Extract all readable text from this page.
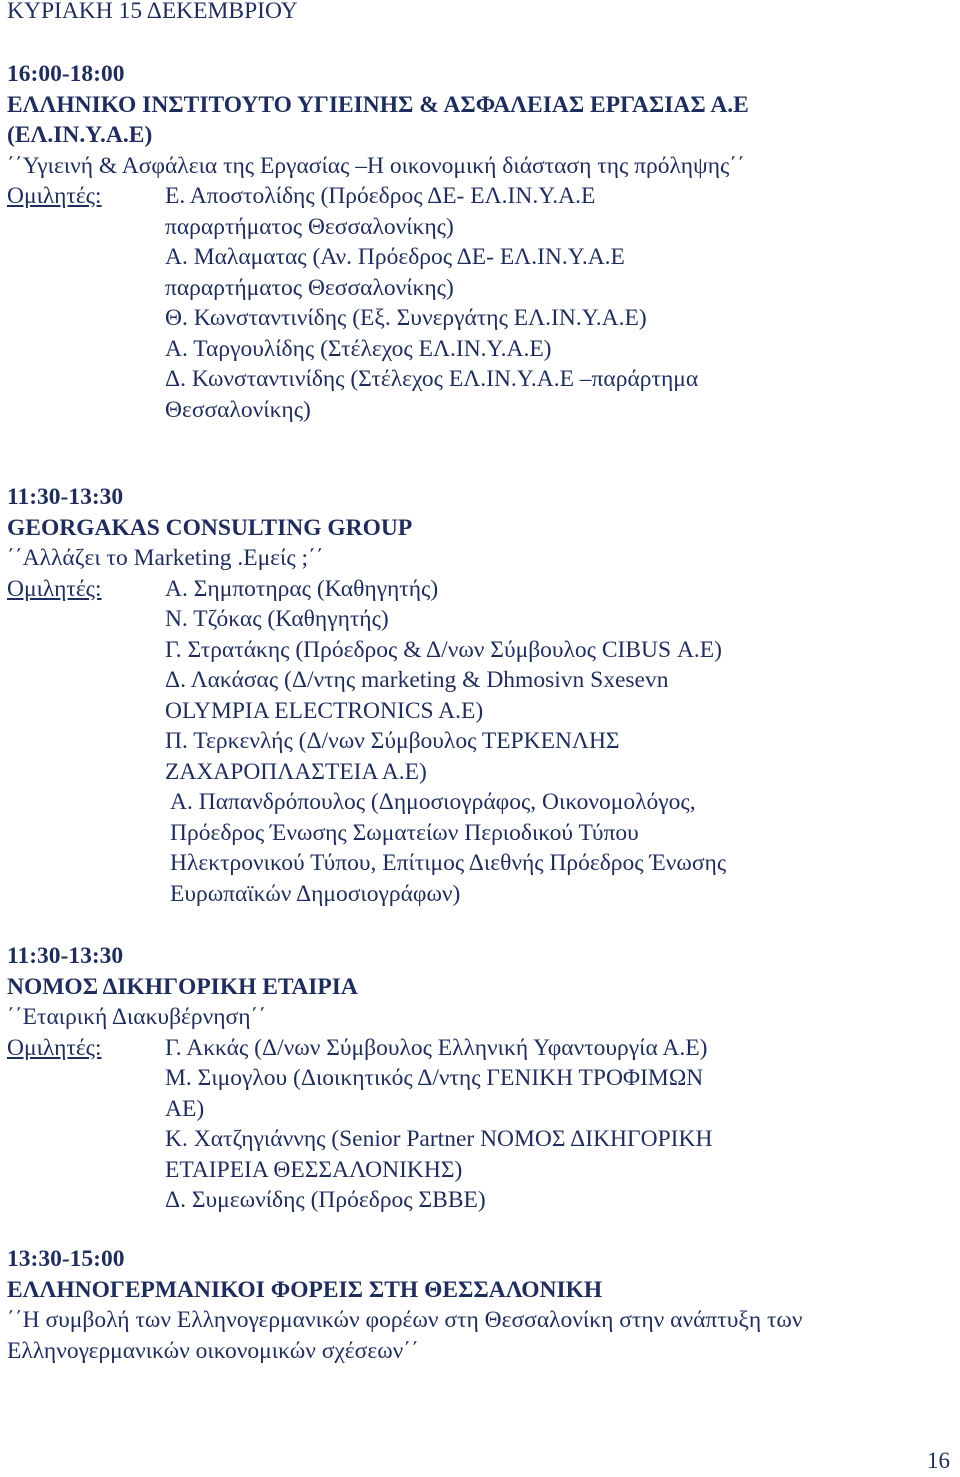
ΚΥΡΙΑΚΗ 15 ΔΕΚΕΜΒΡΙΟΥ
16:00-18:00
ΕΛΛΗΝΙΚΟ ΙΝΣΤΙΤΟΥΤΟ ΥΓΙΕΙΝΗΣ & ΑΣΦΑΛΕΙΑΣ ΕΡΓΑΣΙΑΣ Α.Ε
(ΕΛ.ΙΝ.Υ.Α.Ε)
΄΄Υγιεινή & Ασφάλεια της Εργασίας –Η οικονομική διάσταση της πρόληψης΄΄
Ομιλητές:	Ε. Αποστολίδης (Πρόεδρος ΔΕ- ΕΛ.ΙΝ.Υ.Α.Ε
παραρτήματος Θεσσαλονίκης)
Α. Μαλαματας (Αν. Πρόεδρος ΔΕ- ΕΛ.ΙΝ.Υ.Α.Ε
παραρτήματος Θεσσαλονίκης)
Θ. Κωνσταντινίδης (Εξ. Συνεργάτης ΕΛ.ΙΝ.Υ.Α.Ε)
Α. Ταργουλίδης (Στέλεχος ΕΛ.ΙΝ.Υ.Α.Ε)
Δ. Κωνσταντινίδης (Στέλεχος ΕΛ.ΙΝ.Υ.Α.Ε –παράρτημα
Θεσσαλονίκης)
11:30-13:30
GEORGAKAS CONSULTING GROUP
΄΄Αλλάζει το Marketing .Εμείς ;΄΄
Ομιλητές:	Α. Σημποτηρας (Καθηγητής)
Ν. Τζόκας (Καθηγητής)
Γ. Στρατάκης (Πρόεδρος & Δ/νων Σύμβουλος CIBUS Α.Ε)
Δ. Λακάσας (Δ/ντης marketing & Dhmosivn Sxesevn
OLYMPIA ELECTRONICS A.E)
Π. Τερκενλής (Δ/νων Σύμβουλος ΤΕΡΚΕΝΛΗΣ
ΖΑΧΑΡΟΠΛΑΣΤΕΙΑ Α.Ε)
Α. Παπανδρόπουλος (Δημοσιογράφος, Οικονομολόγος,
Πρόεδρος Ένωσης Σωματείων Περιοδικού Τύπου
Ηλεκτρονικού Τύπου, Επίτιμος Διεθνής Πρόεδρος Ένωσης
Ευρωπαϊκών Δημοσιογράφων)
11:30-13:30
ΝΟΜΟΣ ΔΙΚΗΓΟΡΙΚΗ ΕΤΑΙΡΙΑ
΄΄Εταιρική Διακυβέρνηση΄΄
Ομιλητές:	Γ. Ακκάς (Δ/νων Σύμβουλος Ελληνική Υφαντουργία Α.Ε)
Μ. Σιμογλου (Διοικητικός Δ/ντης ΓΕΝΙΚΗ ΤΡΟΦΙΜΩΝ
ΑΕ)
Κ. Χατζηγιάννης (Senior Partner ΝΟΜΟΣ ΔΙΚΗΓΟΡΙΚΗ
ΕΤΑΙΡΕΙΑ ΘΕΣΣΑΛΟΝΙΚΗΣ)
Δ. Συμεωνίδης (Πρόεδρος ΣΒΒΕ)
13:30-15:00
ΕΛΛΗΝΟΓΕΡΜΑΝΙΚΟΙ ΦΟΡΕΙΣ ΣΤΗ ΘΕΣΣΑΛΟΝΙΚΗ
΄΄Η συμβολή των Ελληνογερμανικών φορέων στη Θεσσαλονίκη στην ανάπτυξη των
Ελληνογερμανικών οικονομικών σχέσεων΄΄
16
